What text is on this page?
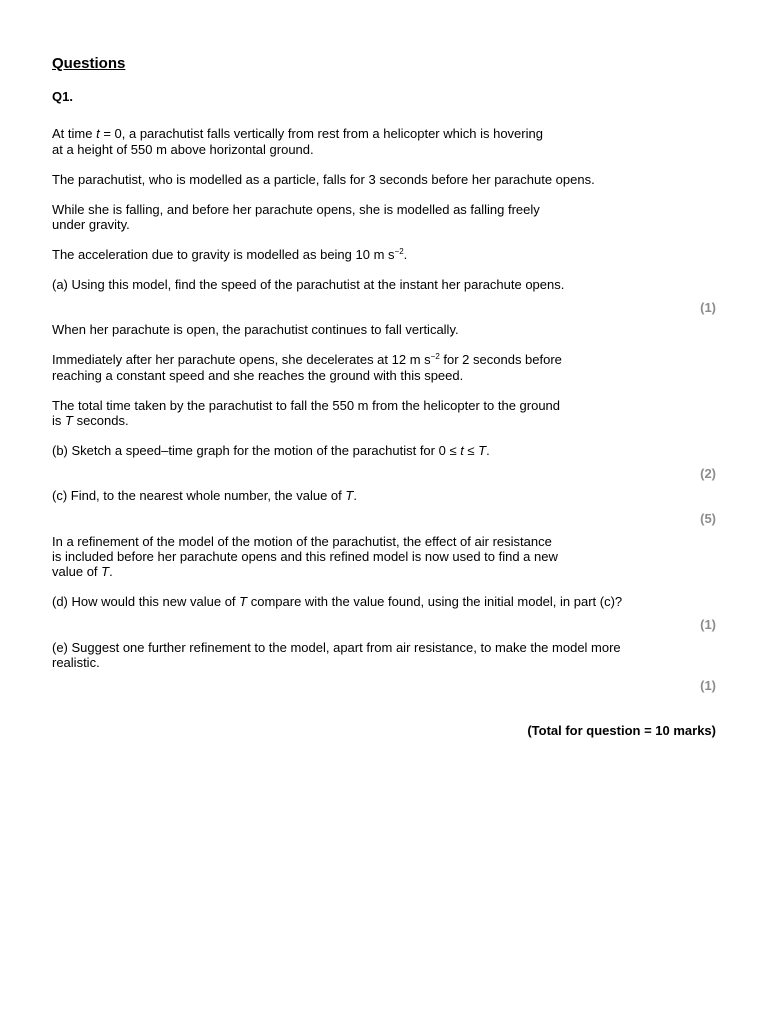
Questions
Q1.
At time t = 0, a parachutist falls vertically from rest from a helicopter which is hovering
at a height of 550 m above horizontal ground.
The parachutist, who is modelled as a particle, falls for 3 seconds before her parachute opens.
While she is falling, and before her parachute opens, she is modelled as falling freely
under gravity.
The acceleration due to gravity is modelled as being 10 m $s^{-2}$.
(a) Using this model, find the speed of the parachutist at the instant her parachute opens.
(1)
When her parachute is open, the parachutist continues to fall vertically.
Immediately after her parachute opens, she decelerates at 12 m $s^{-2}$ for 2 seconds before
reaching a constant speed and she reaches the ground with this speed.
The total time taken by the parachutist to fall the 550 m from the helicopter to the ground
is T seconds.
(b) Sketch a speed–time graph for the motion of the parachutist for 0 ≤ t ≤ T.
(2)
(c) Find, to the nearest whole number, the value of T.
(5)
In a refinement of the model of the motion of the parachutist, the effect of air resistance
is included before her parachute opens and this refined model is now used to find a new
value of T.
(d) How would this new value of T compare with the value found, using the initial model, in part (c)?
(1)
(e) Suggest one further refinement to the model, apart from air resistance, to make the model more
realistic.
(1)
(Total for question = 10 marks)
